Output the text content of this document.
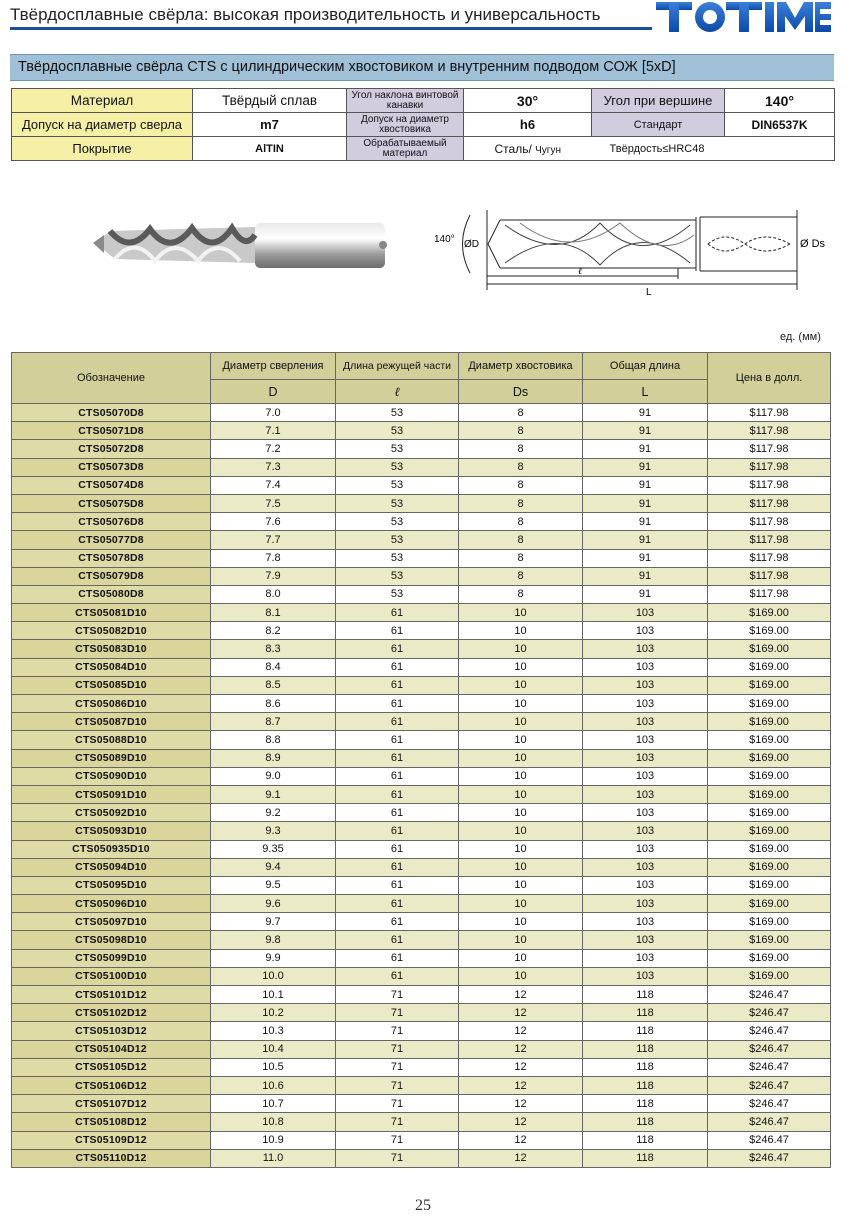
Твёрдосплавные свёрла: высокая производительность и универсальность
Твёрдосплавные свёрла CTS с цилиндрическим хвостовиком и внутренним подводом СОЖ [5xD]
Материал	Твёрдый сплав	Угол наклона винтовой канавки	30°	Угол при вершине	140°
Допуск на диаметр сверла	m7	Допуск на диаметр хвостовика	h6	Стандарт	DIN6537K
Покрытие	AlTIN	Обрабатываемый материал	Сталь/ Чугун	Твёрдость≤HRC48	
140° ØD	Ø Ds
ℓ
L
ед. (мм)
Обозначение	Диаметр сверления	Длина режущей части	Диаметр хвостовика	Общая длина	Цена в долл.
	D	ℓ	Ds	L	
CTS05070D8	7.0	53	8	91	$117.98
CTS05071D8	7.1	53	8	91	$117.98
CTS05072D8	7.2	53	8	91	$117.98
CTS05073D8	7.3	53	8	91	$117.98
CTS05074D8	7.4	53	8	91	$117.98
CTS05075D8	7.5	53	8	91	$117.98
CTS05076D8	7.6	53	8	91	$117.98
CTS05077D8	7.7	53	8	91	$117.98
CTS05078D8	7.8	53	8	91	$117.98
CTS05079D8	7.9	53	8	91	$117.98
CTS05080D8	8.0	53	8	91	$117.98
CTS05081D10	8.1	61	10	103	$169.00
CTS05082D10	8.2	61	10	103	$169.00
CTS05083D10	8.3	61	10	103	$169.00
CTS05084D10	8.4	61	10	103	$169.00
CTS05085D10	8.5	61	10	103	$169.00
CTS05086D10	8.6	61	10	103	$169.00
CTS05087D10	8.7	61	10	103	$169.00
CTS05088D10	8.8	61	10	103	$169.00
CTS05089D10	8.9	61	10	103	$169.00
CTS05090D10	9.0	61	10	103	$169.00
CTS05091D10	9.1	61	10	103	$169.00
CTS05092D10	9.2	61	10	103	$169.00
CTS05093D10	9.3	61	10	103	$169.00
CTS050935D10	9.35	61	10	103	$169.00
CTS05094D10	9.4	61	10	103	$169.00
CTS05095D10	9.5	61	10	103	$169.00
CTS05096D10	9.6	61	10	103	$169.00
CTS05097D10	9.7	61	10	103	$169.00
CTS05098D10	9.8	61	10	103	$169.00
CTS05099D10	9.9	61	10	103	$169.00
CTS05100D10	10.0	61	10	103	$169.00
CTS05101D12	10.1	71	12	118	$246.47
CTS05102D12	10.2	71	12	118	$246.47
CTS05103D12	10.3	71	12	118	$246.47
CTS05104D12	10.4	71	12	118	$246.47
CTS05105D12	10.5	71	12	118	$246.47
CTS05106D12	10.6	71	12	118	$246.47
CTS05107D12	10.7	71	12	118	$246.47
CTS05108D12	10.8	71	12	118	$246.47
CTS05109D12	10.9	71	12	118	$246.47
CTS05110D12	11.0	71	12	118	$246.47
25
